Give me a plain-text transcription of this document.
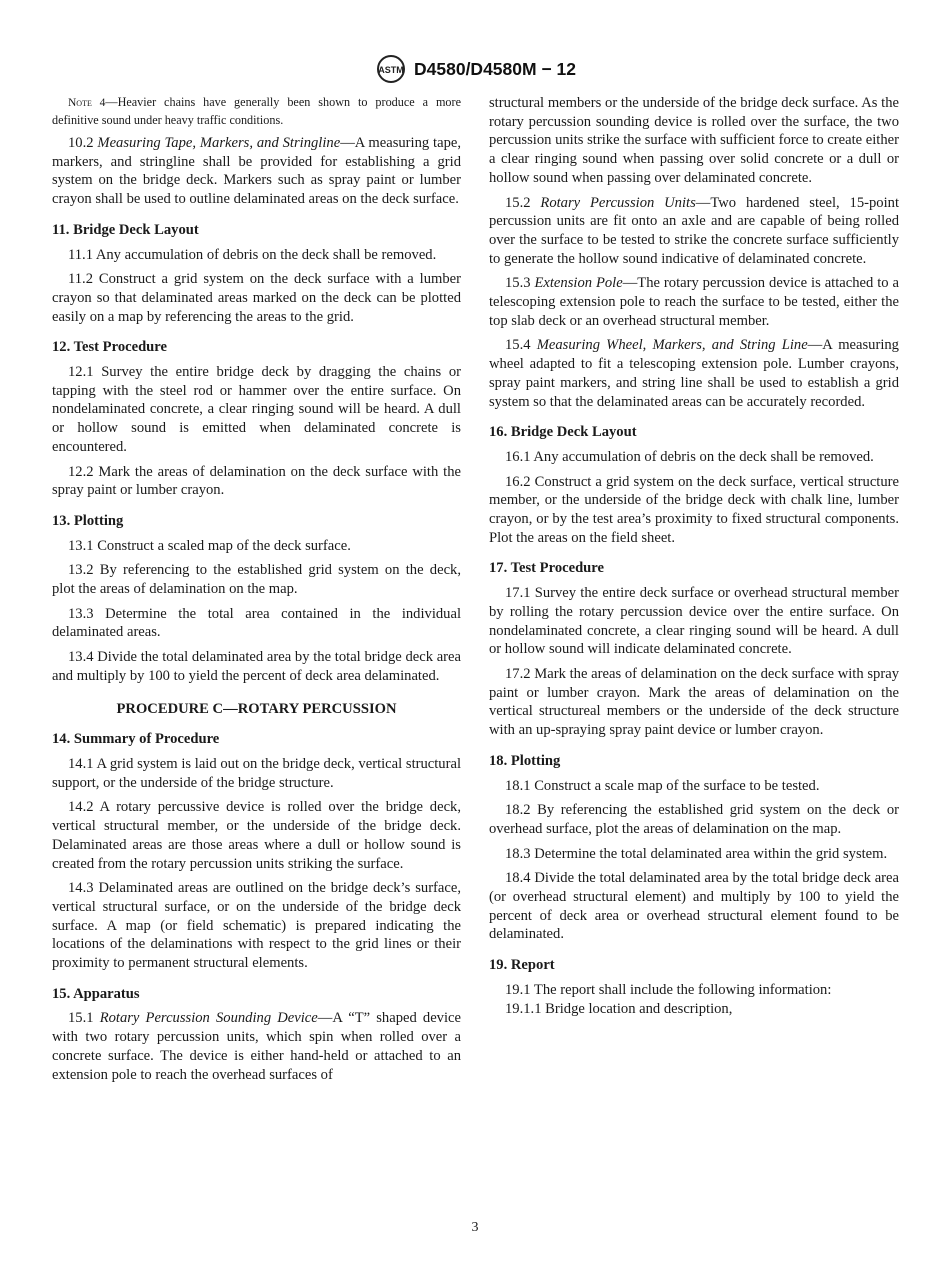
ASTM D4580/D4580M − 12

Note 4—Heavier chains have generally been shown to produce a more definitive sound under heavy traffic conditions.

10.2 Measuring Tape, Markers, and Stringline—A measuring tape, markers, and stringline shall be provided for establishing a grid system on the bridge deck. Markers such as spray paint or lumber crayon shall be used to outline delaminated areas on the deck surface.

11. Bridge Deck Layout

11.1 Any accumulation of debris on the deck shall be removed.

11.2 Construct a grid system on the deck surface with a lumber crayon so that delaminated areas marked on the deck can be plotted easily on a map by referencing the areas to the grid.

12. Test Procedure

12.1 Survey the entire bridge deck by dragging the chains or tapping with the steel rod or hammer over the entire surface. On nondelaminated concrete, a clear ringing sound will be heard. A dull or hollow sound is emitted when delaminated concrete is encountered.

12.2 Mark the areas of delamination on the deck surface with the spray paint or lumber crayon.

13. Plotting

13.1 Construct a scaled map of the deck surface.

13.2 By referencing to the established grid system on the deck, plot the areas of delamination on the map.

13.3 Determine the total area contained in the individual delaminated areas.

13.4 Divide the total delaminated area by the total bridge deck area and multiply by 100 to yield the percent of deck area delaminated.

PROCEDURE C—ROTARY PERCUSSION
14. Summary of Procedure

14.1 A grid system is laid out on the bridge deck, vertical structural support, or the underside of the bridge structure.

14.2 A rotary percussive device is rolled over the bridge deck, vertical structural member, or the underside of the bridge deck. Delaminated areas are those areas where a dull or hollow sound is created from the rotary percussion units striking the surface.

14.3 Delaminated areas are outlined on the bridge deck’s surface, vertical structural surface, or on the underside of the bridge deck surface. A map (or field schematic) is prepared indicating the locations of the delaminations with respect to the grid lines or their proximity to permanent structural elements.

15. Apparatus

15.1 Rotary Percussion Sounding Device—A “T” shaped device with two rotary percussion units, which spin when rolled over a concrete surface. The device is either hand-held or attached to an extension pole to reach the overhead surfaces of

structural members or the underside of the bridge deck surface. As the rotary percussion sounding device is rolled over the surface, the two percussion units strike the surface with sufficient force to create either a clear ringing sound when passing over solid concrete or a dull or hollow sound when passing over delaminated concrete.

15.2 Rotary Percussion Units—Two hardened steel, 15-point percussion units are fit onto an axle and are capable of being rolled over the surface to be tested to strike the concrete surface sufficiently to generate the hollow sound indicative of delaminated concrete.

15.3 Extension Pole—The rotary percussion device is attached to a telescoping extension pole to reach the surface to be tested, either the top slab deck or an overhead structural member.

15.4 Measuring Wheel, Markers, and String Line—A measuring wheel adapted to fit a telescoping extension pole. Lumber crayons, spray paint markers, and string line shall be used to establish a grid system so that the delaminated areas can be accurately recorded.

16. Bridge Deck Layout

16.1 Any accumulation of debris on the deck shall be removed.

16.2 Construct a grid system on the deck surface, vertical structure member, or the underside of the bridge deck with chalk line, lumber crayon, or by the test area’s proximity to fixed structural components. Plot the areas on the field sheet.

17. Test Procedure

17.1 Survey the entire deck surface or overhead structural member by rolling the rotary percussion device over the entire surface. On nondelaminated concrete, a clear ringing sound will be heard. A dull or hollow sound will indicate delaminated concrete.

17.2 Mark the areas of delamination on the deck surface with spray paint or lumber crayon. Mark the areas of delamination on the vertical structureal members or the underside of the deck structure with an up-spraying spray paint device or lumber crayon.

18. Plotting

18.1 Construct a scale map of the surface to be tested.

18.2 By referencing the established grid system on the deck or overhead surface, plot the areas of delamination on the map.

18.3 Determine the total delaminated area within the grid system.

18.4 Divide the total delaminated area by the total bridge deck area (or overhead structural element) and multiply by 100 to yield the percent of deck area or overhead structural element found to be delaminated.

19. Report

19.1 The report shall include the following information:

19.1.1 Bridge location and description,

3
